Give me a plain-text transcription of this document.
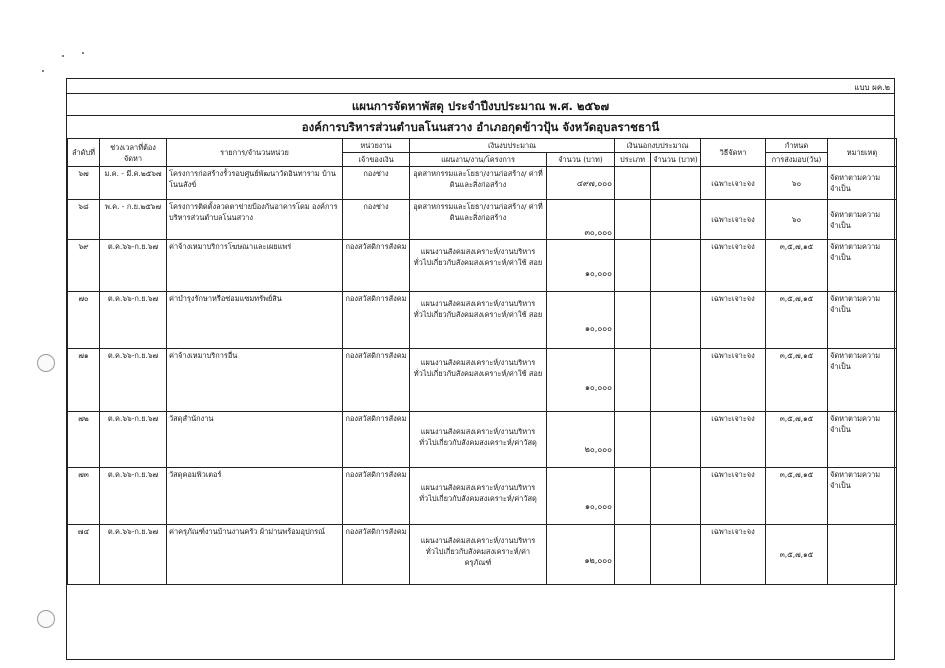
แบบ ผค.๒
แผนการจัดหาพัสดุ ประจำปีงบประมาณ พ.ศ. ๒๕๖๗
องค์การบริหารส่วนตำบลโนนสวาง อำเภอกุดข้าวปุ้น จังหวัดอุบลราชธานี
ลำดับที่	ช่วงเวลาที่ต้องจัดหา	รายการ/จำนวนหน่วย	หน่วยงาน	เงินงบประมาณ		เงินนอกงบประมาณ		วิธีจัดหา	กำหนด	หมายเหตุ
			เจ้าของเงิน	แผนงาน/งาน/โครงการ	จำนวน (บาท)	ประเภท	จำนวน (บาท)		การส่งมอบ(วัน)	
๖๗	ม.ค. - มี.ค.๒๕๖๗	โครงการก่อสร้างรั้วรอบศูนย์พัฒนาวัดอินทาราม บ้านโนนสังข์	กองช่าง	อุตสาหกรรมและโยธา/งานก่อสร้าง/ ค่าที่ดินและสิ่งก่อสร้าง	๔๙๗,๐๐๐			เฉพาะเจาะจง	๖๐	จัดหาตามความจำเป็น
๖๘	พ.ค. - ก.ย.๒๕๖๗	โครงการติดตั้งลวดตาข่ายป้องกันอาคารโดม องค์การบริหารส่วนตำบลโนนสวาง	กองช่าง	อุตสาหกรรมและโยธา/งานก่อสร้าง/ ค่าที่ดินและสิ่งก่อสร้าง	๓๐,๐๐๐			เฉพาะเจาะจง	๖๐	จัดหาตามความจำเป็น
๖๙	ต.ค.๖๖-ก.ย.๖๗	ค่าจ้างเหมาบริการโฆษณาและเผยแพร่	กองสวัสดิการสังคม	แผนงานสังคมสงเคราะห์/งานบริหาร ทั่วไปเกี่ยวกับสังคมสงเคราะห์/ค่าใช้ สอย	๑๐,๐๐๐			เฉพาะเจาะจง	๓,๕,๗,๑๕	จัดหาตามความจำเป็น
๗๐	ต.ค.๖๖-ก.ย.๖๗	ค่าบำรุงรักษาหรือซ่อมแซมทรัพย์สิน	กองสวัสดิการสังคม	แผนงานสังคมสงเคราะห์/งานบริหาร ทั่วไปเกี่ยวกับสังคมสงเคราะห์/ค่าใช้ สอย	๑๐,๐๐๐			เฉพาะเจาะจง	๓,๕,๗,๑๕	จัดหาตามความจำเป็น
๗๑	ต.ค.๖๖-ก.ย.๖๗	ค่าจ้างเหมาบริการอื่น	กองสวัสดิการสังคม	แผนงานสังคมสงเคราะห์/งานบริหาร ทั่วไปเกี่ยวกับสังคมสงเคราะห์/ค่าใช้ สอย	๑๐,๐๐๐			เฉพาะเจาะจง	๓,๕,๗,๑๕	จัดหาตามความจำเป็น
๗๒	ต.ค.๖๖-ก.ย.๖๗	วัสดุสำนักงาน	กองสวัสดิการสังคม	แผนงานสังคมสงเคราะห์/งานบริหาร ทั่วไปเกี่ยวกับสังคมสงเคราะห์/ค่าวัสดุ	๒๐,๐๐๐			เฉพาะเจาะจง	๓,๕,๗,๑๕	จัดหาตามความจำเป็น
๗๓	ต.ค.๖๖-ก.ย.๖๗	วัสดุคอมพิวเตอร์	กองสวัสดิการสังคม	แผนงานสังคมสงเคราะห์/งานบริหาร ทั่วไปเกี่ยวกับสังคมสงเคราะห์/ค่าวัสดุ	๑๐,๐๐๐			เฉพาะเจาะจง	๓,๕,๗,๑๕	จัดหาตามความจำเป็น
๗๔	ต.ค.๖๖-ก.ย.๖๗	ค่าครุภัณฑ์งานบ้านงานครัว ผ้าม่านพร้อมอุปกรณ์	กองสวัสดิการสังคม	แผนงานสังคมสงเคราะห์/งานบริหาร ทั่วไปเกี่ยวกับสังคมสงเคราะห์/ค่า ครุภัณฑ์	๑๒,๐๐๐			เฉพาะเจาะจง	๓,๕,๗,๑๕	
